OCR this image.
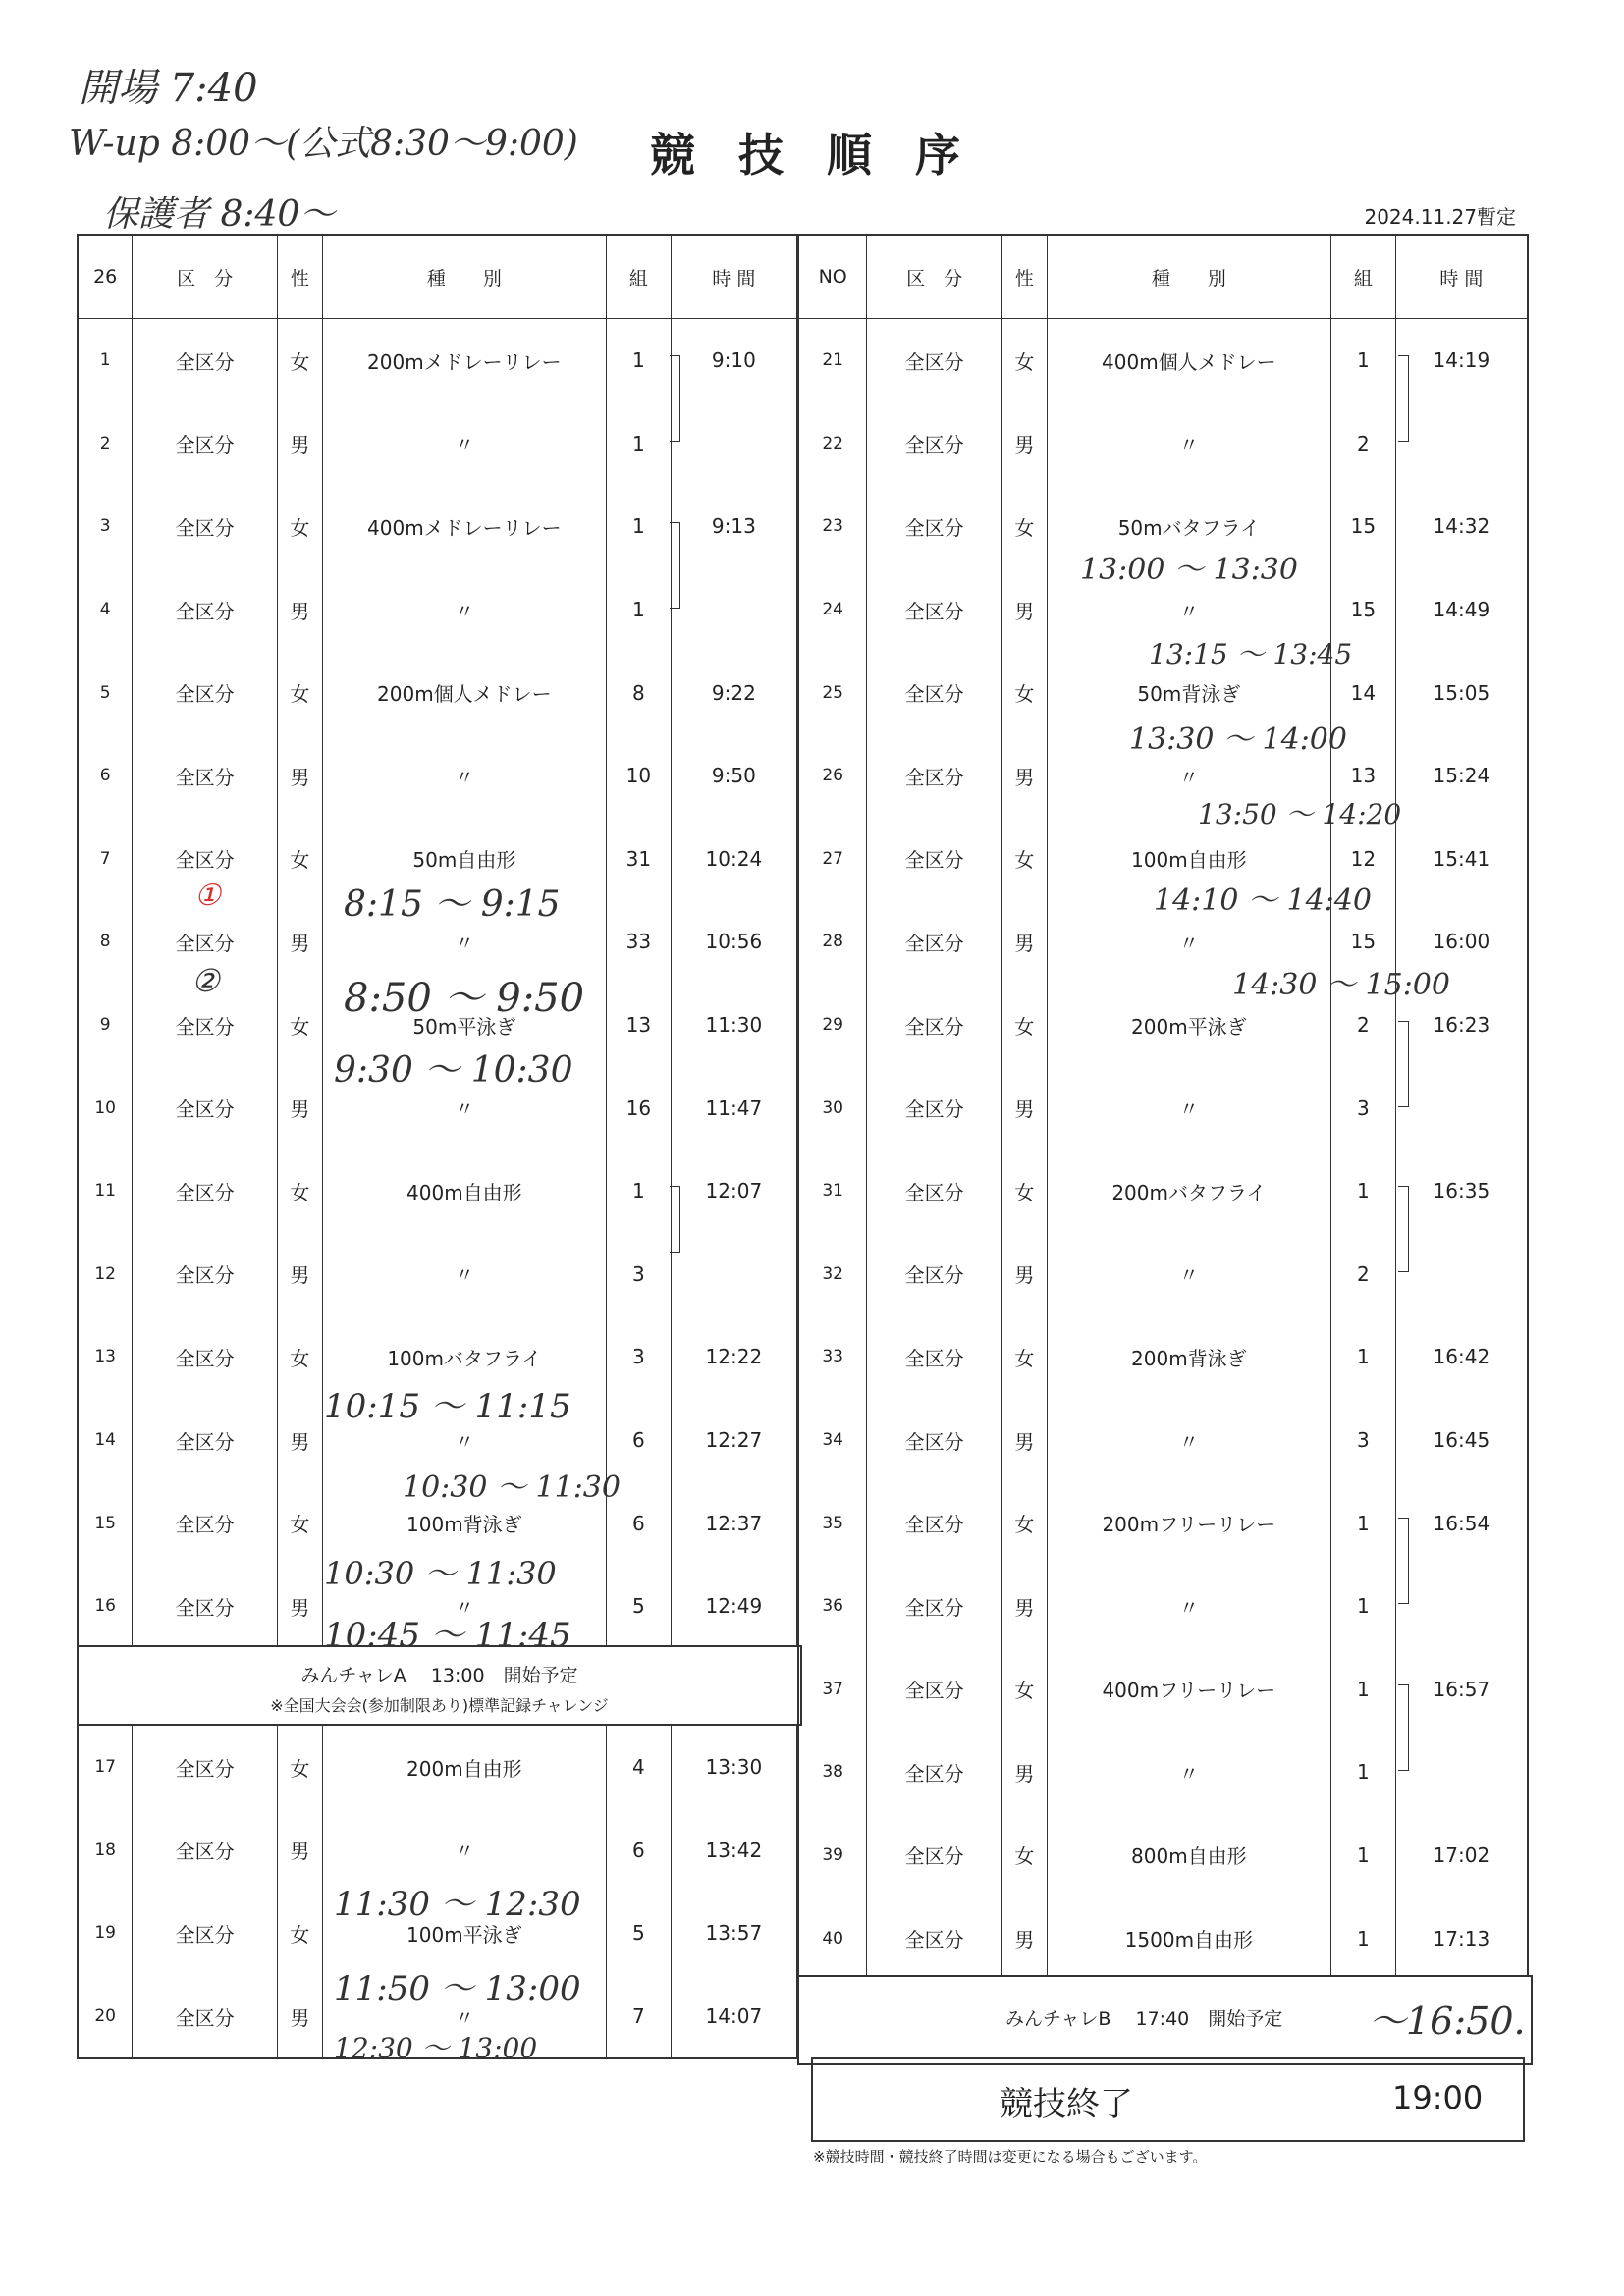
競 技 順 序
2024.11.27暫定
開場 7:40
W-up 8:00～(公式8:30～9:00)
保護者 8:40～
26	区　分	性	種　　別	組	時 間
1	全区分	女	200mメドレーリレー	1	9:10
2	全区分	男	〃	1	
3	全区分	女	400mメドレーリレー	1	9:13
4	全区分	男	〃	1	
5	全区分	女	200m個人メドレー	8	9:22
6	全区分	男	〃	10	9:50
7	全区分	女	50m自由形	31	10:24
8	全区分	男	〃	33	10:56
9	全区分	女	50m平泳ぎ	13	11:30
10	全区分	男	〃	16	11:47
11	全区分	女	400m自由形	1	12:07
12	全区分	男	〃	3	
13	全区分	女	100mバタフライ	3	12:22
14	全区分	男	〃	6	12:27
15	全区分	女	100m背泳ぎ	6	12:37
16	全区分	男	〃	5	12:49
みんチャレA　 13:00　開始予定
※全国大会会(参加制限あり)標準記録チャレンジ
17	全区分	女	200m自由形	4	13:30
18	全区分	男	〃	6	13:42
19	全区分	女	100m平泳ぎ	5	13:57
20	全区分	男	〃	7	14:07
NO	区　分	性	種　　別	組	時 間
21	全区分	女	400m個人メドレー	1	14:19
22	全区分	男	〃	2	
23	全区分	女	50mバタフライ	15	14:32
24	全区分	男	〃	15	14:49
25	全区分	女	50m背泳ぎ	14	15:05
26	全区分	男	〃	13	15:24
27	全区分	女	100m自由形	12	15:41
28	全区分	男	〃	15	16:00
29	全区分	女	200m平泳ぎ	2	16:23
30	全区分	男	〃	3	
31	全区分	女	200mバタフライ	1	16:35
32	全区分	男	〃	2	
33	全区分	女	200m背泳ぎ	1	16:42
34	全区分	男	〃	3	16:45
35	全区分	女	200mフリーリレー	1	16:54
36	全区分	男	〃	1	
37	全区分	女	400mフリーリレー	1	16:57
38	全区分	男	〃	1	
39	全区分	女	800m自由形	1	17:02
40	全区分	男	1500m自由形	1	17:13
みんチャレB　 17:40　開始予定 ～16:50.
競技終了	19:00
※競技時間・競技終了時間は変更になる場合もございます。
8:15 ～ 9:15
8:50 ～ 9:50
9:30 ～ 10:30
10:15 ～ 11:15
10:30 ～ 11:30
10:30 ～ 11:30
10:45 ～ 11:45
11:30 ～ 12:30
11:50 ～ 13:00
12:30 ～ 13:00
13:00 ～ 13:30
13:15 ～ 13:45
13:30 ～ 14:00
13:50 ～ 14:20
14:10 ～ 14:40
14:30 ～ 15:00
①
②
